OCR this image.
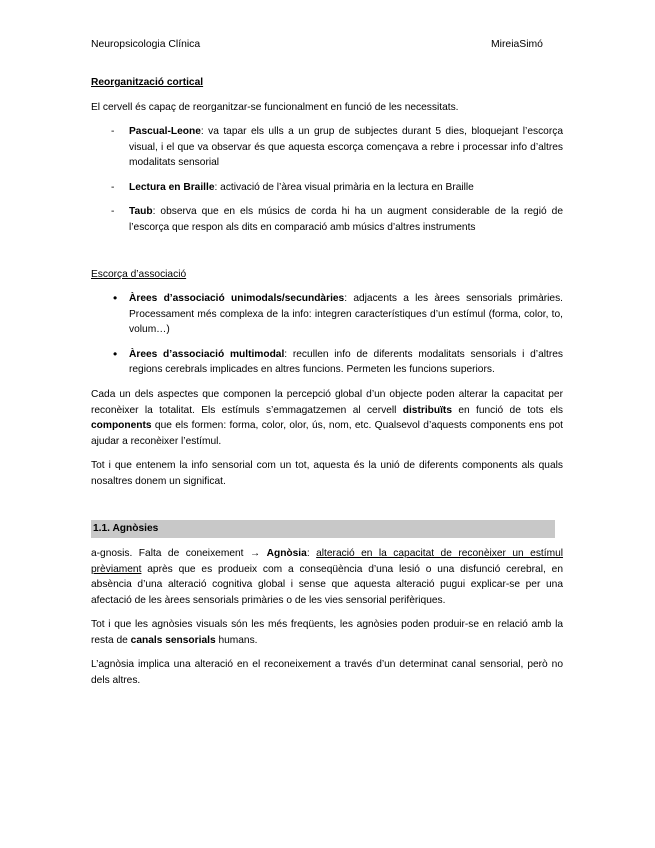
Neuropsicologia Clínica	MireiaSimó

Reorganització cortical

El cervell és capaç de reorganitzar-se funcionalment en funció de les necessitats.

- Pascual-Leone: va tapar els ulls a un grup de subjectes durant 5 dies, bloquejant l’escorça visual, i el que va observar és que aquesta escorça començava a rebre i processar info d’altres modalitats sensorial
- Lectura en Braille: activació de l’àrea visual primària en la lectura en Braille
- Taub: observa que en els músics de corda hi ha un augment considerable de la regió de l’escorça que respon als dits en comparació amb músics d’altres instruments

Escorça d’associació

• Àrees d’associació unimodals/secundàries: adjacents a les àrees sensorials primàries. Processament més complexa de la info: integren característiques d’un estímul (forma, color, to, volum…)
• Àrees d’associació multimodal: recullen info de diferents modalitats sensorials i d’altres regions cerebrals implicades en altres funcions. Permeten les funcions superiors.

Cada un dels aspectes que componen la percepció global d’un objecte poden alterar la capacitat per reconèixer la totalitat. Els estímuls s’emmagatzemen al cervell distribuïts en funció de tots els components que els formen: forma, color, olor, ús, nom, etc. Qualsevol d’aquests components ens pot ajudar a reconèixer l’estímul.

Tot i que entenem la info sensorial com un tot, aquesta és la unió de diferents components als quals nosaltres donem un significat.

1.1. Agnòsies

a-gnosis. Falta de coneixement → Agnòsia: alteració en la capacitat de reconèixer un estímul prèviament après que es produeix com a conseqüència d’una lesió o una disfunció cerebral, en absència d’una alteració cognitiva global i sense que aquesta alteració pugui explicar-se per una afectació de les àrees sensorials primàries o de les vies sensorial perifèriques.

Tot i que les agnòsies visuals són les més freqüents, les agnòsies poden produir-se en relació amb la resta de canals sensorials humans.

L’agnòsia implica una alteració en el reconeixement a través d’un determinat canal sensorial, però no dels altres.
